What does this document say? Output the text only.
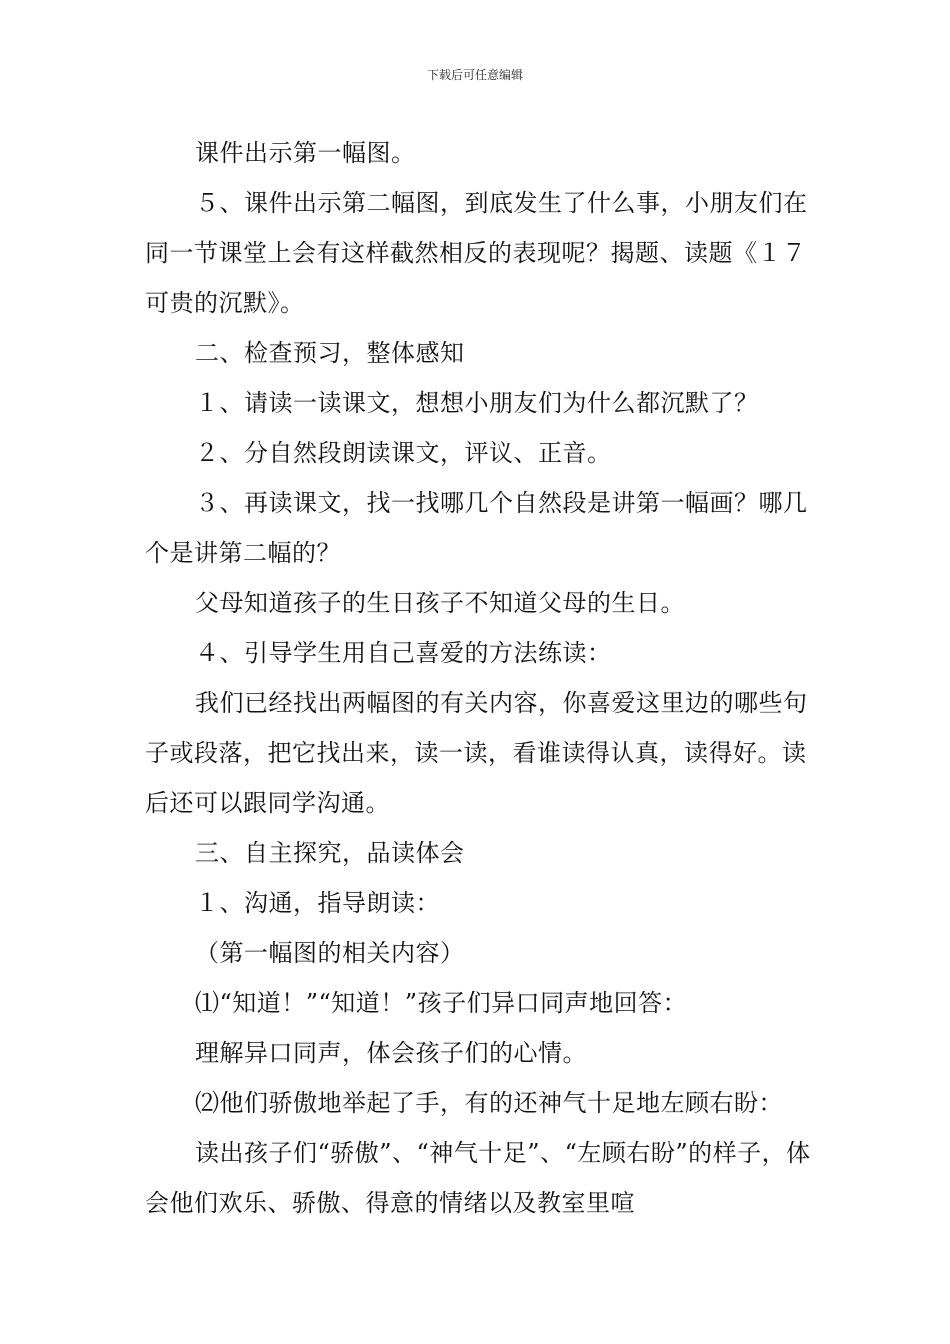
下载后可任意编辑

课件出示第一幅图。

５、课件出示第二幅图，到底发生了什么事，小朋友们在同一节课堂上会有这样截然相反的表现呢？揭题、读题《１７可贵的沉默》。

二、检查预习，整体感知

１、请读一读课文，想想小朋友们为什么都沉默了？

２、分自然段朗读课文，评议、正音。

３、再读课文，找一找哪几个自然段是讲第一幅画？哪几个是讲第二幅的？

父母知道孩子的生日孩子不知道父母的生日。

４、引导学生用自己喜爱的方法练读：

我们已经找出两幅图的有关内容，你喜爱这里边的哪些句子或段落，把它找出来，读一读，看谁读得认真，读得好。读后还可以跟同学沟通。

三、自主探究，品读体会

１、沟通，指导朗读：

（第一幅图的相关内容）

⑴“知道！”“知道！”孩子们异口同声地回答：

理解异口同声，体会孩子们的心情。

⑵他们骄傲地举起了手，有的还神气十足地左顾右盼：

读出孩子们“骄傲”、“神气十足”、“左顾右盼”的样子，体会他们欢乐、骄傲、得意的情绪以及教室里喧
